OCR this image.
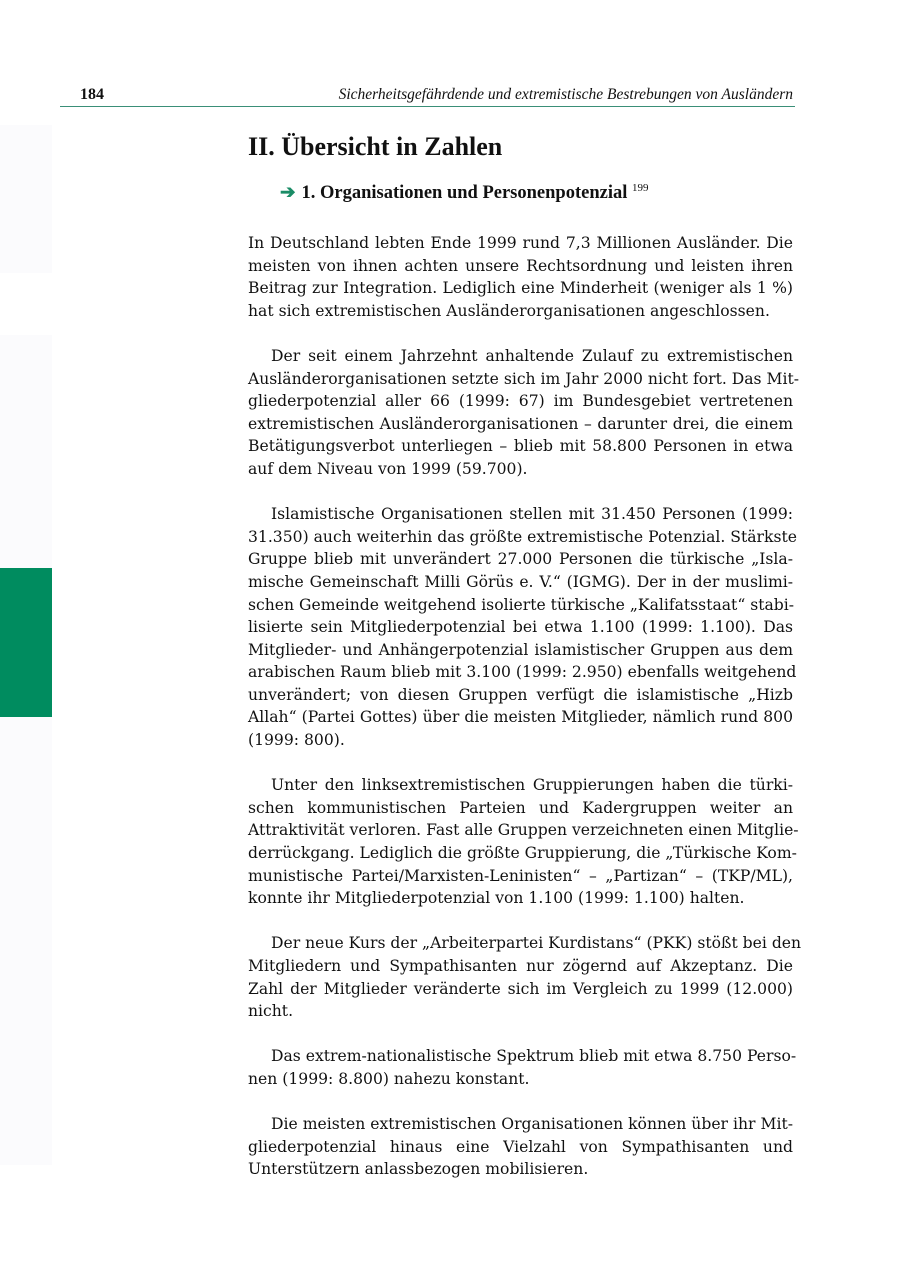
184	Sicherheitsgefährdende und extremistische Bestrebungen von Ausländern
II. Übersicht in Zahlen
➔ 1. Organisationen und Personenpotenzial $^{199}$
In Deutschland lebten Ende 1999 rund 7,3 Millionen Ausländer. Die
meisten von ihnen achten unsere Rechtsordnung und leisten ihren
Beitrag zur Integration. Lediglich eine Minderheit (weniger als 1 %)
hat sich extremistischen Ausländerorganisationen angeschlossen.
Der seit einem Jahrzehnt anhaltende Zulauf zu extremistischen
Ausländerorganisationen setzte sich im Jahr 2000 nicht fort. Das Mit-
gliederpotenzial aller 66 (1999: 67) im Bundesgebiet vertretenen
extremistischen Ausländerorganisationen – darunter drei, die einem
Betätigungsverbot unterliegen – blieb mit 58.800 Personen in etwa
auf dem Niveau von 1999 (59.700).
Islamistische Organisationen stellen mit 31.450 Personen (1999:
31.350) auch weiterhin das größte extremistische Potenzial. Stärkste
Gruppe blieb mit unverändert 27.000 Personen die türkische „Isla-
mische Gemeinschaft Milli Görüs e. V.“ (IGMG). Der in der muslimi-
schen Gemeinde weitgehend isolierte türkische „Kalifatsstaat“ stabi-
lisierte sein Mitgliederpotenzial bei etwa 1.100 (1999: 1.100). Das
Mitglieder- und Anhängerpotenzial islamistischer Gruppen aus dem
arabischen Raum blieb mit 3.100 (1999: 2.950) ebenfalls weitgehend
unverändert; von diesen Gruppen verfügt die islamistische „Hizb
Allah“ (Partei Gottes) über die meisten Mitglieder, nämlich rund 800
(1999: 800).
Unter den linksextremistischen Gruppierungen haben die türki-
schen kommunistischen Parteien und Kadergruppen weiter an
Attraktivität verloren. Fast alle Gruppen verzeichneten einen Mitglie-
derrückgang. Lediglich die größte Gruppierung, die „Türkische Kom-
munistische Partei/Marxisten-Leninisten“ – „Partizan“ – (TKP/ML),
konnte ihr Mitgliederpotenzial von 1.100 (1999: 1.100) halten.
Der neue Kurs der „Arbeiterpartei Kurdistans“ (PKK) stößt bei den
Mitgliedern und Sympathisanten nur zögernd auf Akzeptanz. Die
Zahl der Mitglieder veränderte sich im Vergleich zu 1999 (12.000)
nicht.
Das extrem-nationalistische Spektrum blieb mit etwa 8.750 Perso-
nen (1999: 8.800) nahezu konstant.
Die meisten extremistischen Organisationen können über ihr Mit-
gliederpotenzial hinaus eine Vielzahl von Sympathisanten und
Unterstützern anlassbezogen mobilisieren.
